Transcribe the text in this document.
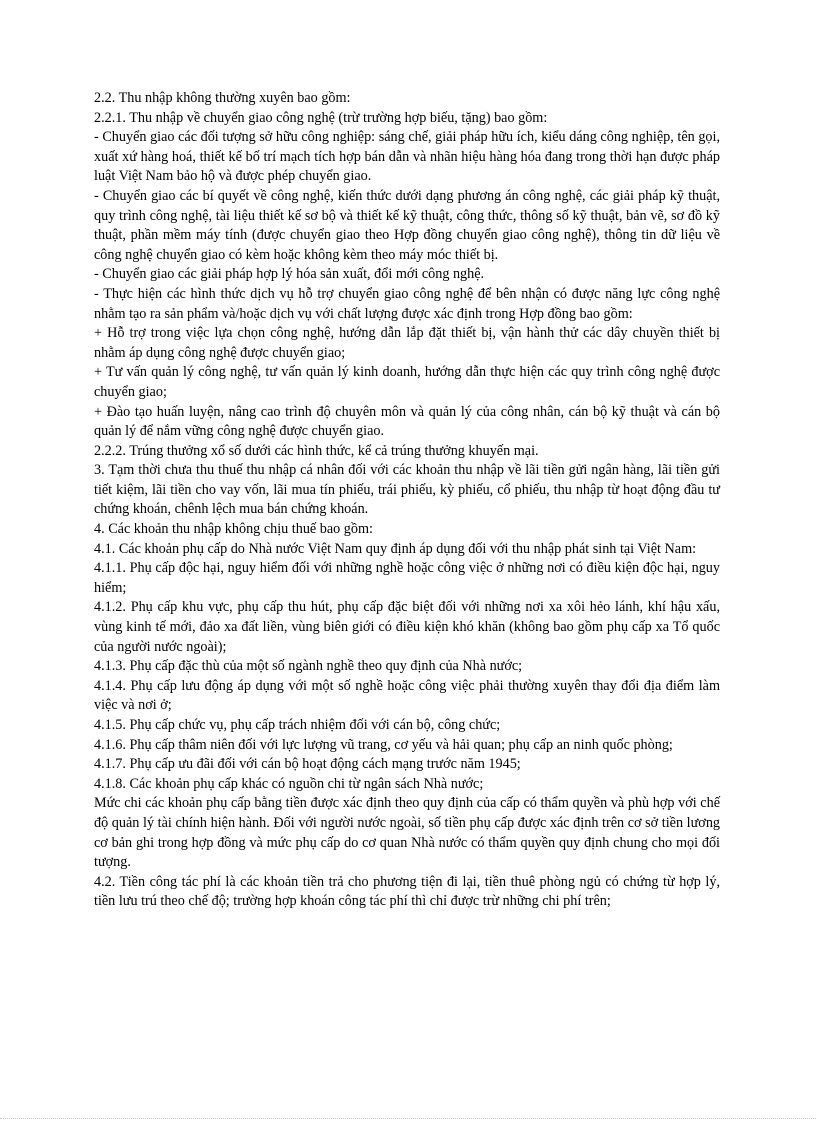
2.2. Thu nhập không thường xuyên bao gồm:

2.2.1. Thu nhập về chuyển giao công nghệ (trừ trường hợp biếu, tặng) bao gồm:

- Chuyển giao các đối tượng sở hữu công nghiệp: sáng chế, giải pháp hữu ích, kiểu dáng công nghiệp, tên gọi, xuất xứ hàng hoá, thiết kế bố trí mạch tích hợp bán dẫn và nhãn hiệu hàng hóa đang trong thời hạn được pháp luật Việt Nam bảo hộ và được phép chuyển giao.

- Chuyển giao các bí quyết về công nghệ, kiến thức dưới dạng phương án công nghệ, các giải pháp kỹ thuật, quy trình công nghệ, tài liệu thiết kế sơ bộ và thiết kế kỹ thuật, công thức, thông số kỹ thuật, bản vẽ, sơ đồ kỹ thuật, phần mềm máy tính (được chuyển giao theo Hợp đồng chuyển giao công nghệ), thông tin dữ liệu về công nghệ chuyển giao có kèm hoặc không kèm theo máy móc thiết bị.

- Chuyển giao các giải pháp hợp lý hóa sản xuất, đổi mới công nghệ.

- Thực hiện các hình thức dịch vụ hỗ trợ chuyển giao công nghệ để bên nhận có được năng lực công nghệ nhằm tạo ra sản phẩm và/hoặc dịch vụ với chất lượng được xác định trong Hợp đồng bao gồm:

+ Hỗ trợ trong việc lựa chọn công nghệ, hướng dẫn lắp đặt thiết bị, vận hành thử các dây chuyền thiết bị nhằm áp dụng công nghệ được chuyển giao;

+ Tư vấn quản lý công nghệ, tư vấn quản lý kinh doanh, hướng dẫn thực hiện các quy trình công nghệ được chuyển giao;

+ Đào tạo huấn luyện, nâng cao trình độ chuyên môn và quản lý của công nhân, cán bộ kỹ thuật và cán bộ quản lý để nắm vững công nghệ được chuyển giao.

2.2.2. Trúng thưởng xổ số dưới các hình thức, kể cả trúng thưởng khuyến mại.

3. Tạm thời chưa thu thuế thu nhập cá nhân đối với các khoản thu nhập về lãi tiền gửi ngân hàng, lãi tiền gửi tiết kiệm, lãi tiền cho vay vốn, lãi mua tín phiếu, trái phiếu, kỳ phiếu, cổ phiếu, thu nhập từ hoạt động đầu tư chứng khoán, chênh lệch mua bán chứng khoán.

4. Các khoản thu nhập không chịu thuế bao gồm:

4.1. Các khoản phụ cấp do Nhà nước Việt Nam quy định áp dụng đối với thu nhập phát sinh tại Việt Nam:

4.1.1. Phụ cấp độc hại, nguy hiểm đối với những nghề hoặc công việc ở những nơi có điều kiện độc hại, nguy hiểm;

4.1.2. Phụ cấp khu vực, phụ cấp thu hút, phụ cấp đặc biệt đối với những nơi xa xôi hẻo lánh, khí hậu xấu, vùng kinh tế mới, đảo xa đất liền, vùng biên giới có điều kiện khó khăn (không bao gồm phụ cấp xa Tổ quốc của người nước ngoài);

4.1.3. Phụ cấp đặc thù của một số ngành nghề theo quy định của Nhà nước;

4.1.4. Phụ cấp lưu động áp dụng với một số nghề hoặc công việc phải thường xuyên thay đổi địa điểm làm việc và nơi ở;

4.1.5. Phụ cấp chức vụ, phụ cấp trách nhiệm đối với cán bộ, công chức;

4.1.6. Phụ cấp thâm niên đối với lực lượng vũ trang, cơ yếu và hải quan; phụ cấp an ninh quốc phòng;

4.1.7. Phụ cấp ưu đãi đối với cán bộ hoạt động cách mạng trước năm 1945;

4.1.8. Các khoản phụ cấp khác có nguồn chi từ ngân sách Nhà nước;

Mức chi các khoản phụ cấp bằng tiền được xác định theo quy định của cấp có thẩm quyền và phù hợp với chế độ quản lý tài chính hiện hành. Đối với người nước ngoài, số tiền phụ cấp được xác định trên cơ sở tiền lương cơ bản ghi trong hợp đồng và mức phụ cấp do cơ quan Nhà nước có thẩm quyền quy định chung cho mọi đối tượng.

4.2. Tiền công tác phí là các khoản tiền trả cho phương tiện đi lại, tiền thuê phòng ngủ có chứng từ hợp lý, tiền lưu trú theo chế độ; trường hợp khoán công tác phí thì chỉ được trừ những chi phí trên;
